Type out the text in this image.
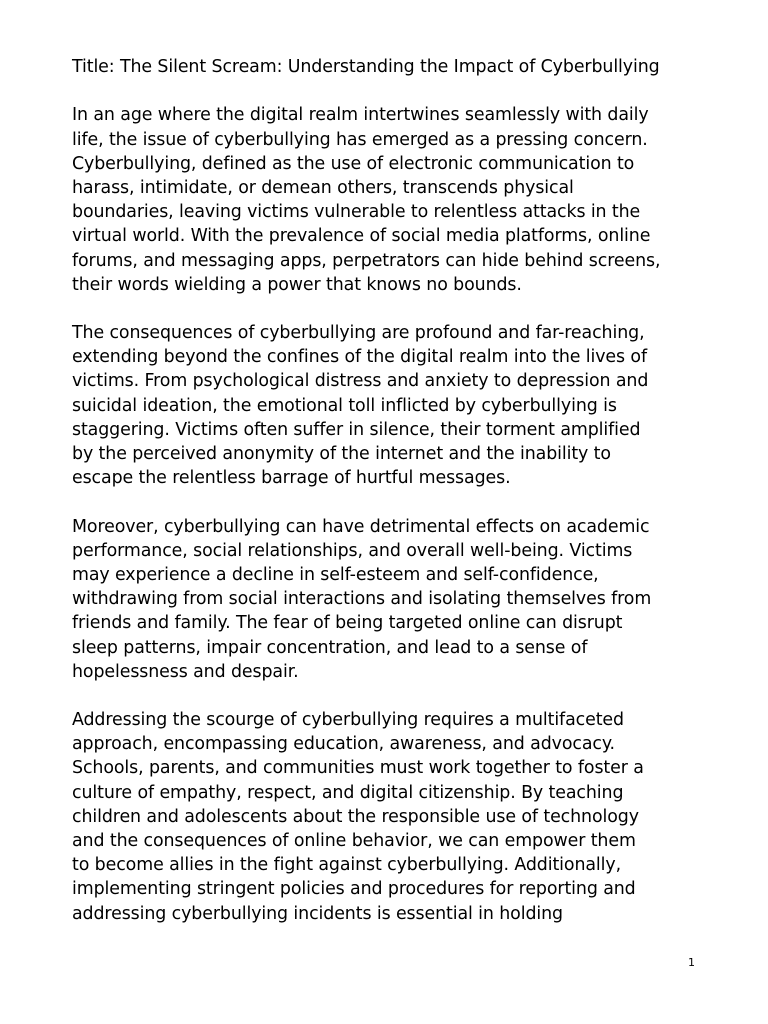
Title: The Silent Scream: Understanding the Impact of Cyberbullying
In an age where the digital realm intertwines seamlessly with daily
life, the issue of cyberbullying has emerged as a pressing concern.
Cyberbullying, defined as the use of electronic communication to
harass, intimidate, or demean others, transcends physical
boundaries, leaving victims vulnerable to relentless attacks in the
virtual world. With the prevalence of social media platforms, online
forums, and messaging apps, perpetrators can hide behind screens,
their words wielding a power that knows no bounds.
The consequences of cyberbullying are profound and far-reaching,
extending beyond the confines of the digital realm into the lives of
victims. From psychological distress and anxiety to depression and
suicidal ideation, the emotional toll inflicted by cyberbullying is
staggering. Victims often suffer in silence, their torment amplified
by the perceived anonymity of the internet and the inability to
escape the relentless barrage of hurtful messages.
Moreover, cyberbullying can have detrimental effects on academic
performance, social relationships, and overall well-being. Victims
may experience a decline in self-esteem and self-confidence,
withdrawing from social interactions and isolating themselves from
friends and family. The fear of being targeted online can disrupt
sleep patterns, impair concentration, and lead to a sense of
hopelessness and despair.
Addressing the scourge of cyberbullying requires a multifaceted
approach, encompassing education, awareness, and advocacy.
Schools, parents, and communities must work together to foster a
culture of empathy, respect, and digital citizenship. By teaching
children and adolescents about the responsible use of technology
and the consequences of online behavior, we can empower them
to become allies in the fight against cyberbullying. Additionally,
implementing stringent policies and procedures for reporting and
addressing cyberbullying incidents is essential in holding
1
